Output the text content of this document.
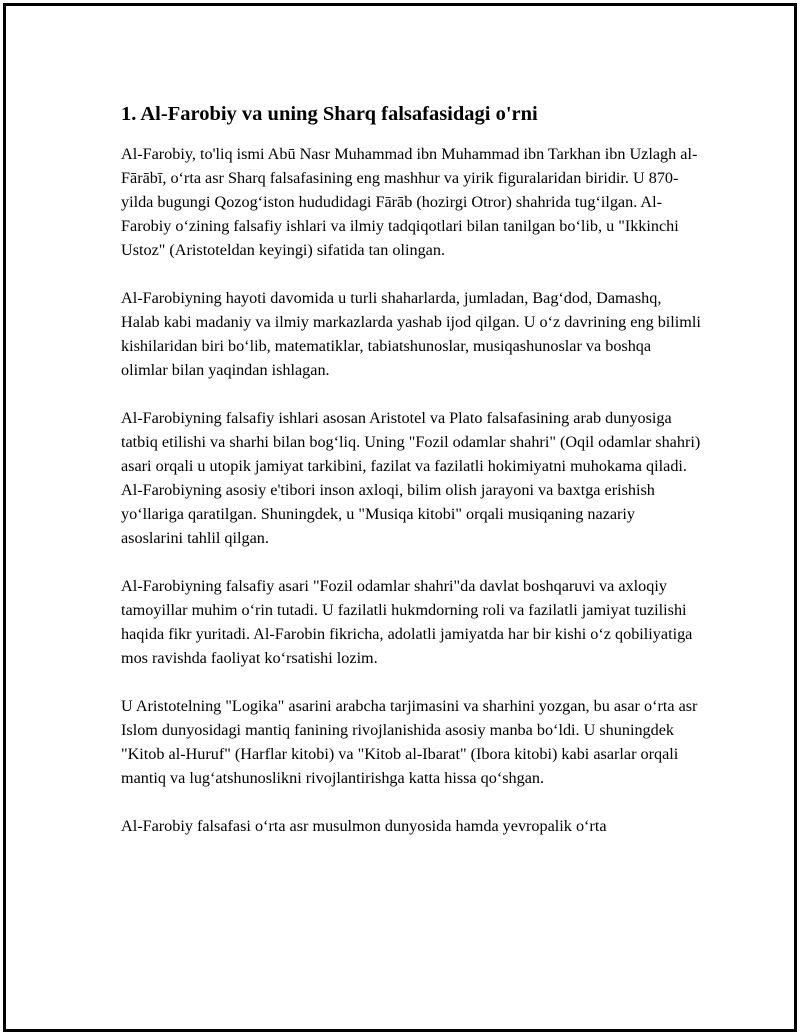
1. Al-Farobiy va uning Sharq falsafasidagi o'rni

Al-Farobiy, to'liq ismi Abū Nasr Muhammad ibn Muhammad ibn Tarkhan ibn Uzlagh al-Fārābī, o‘rta asr Sharq falsafasining eng mashhur va yirik figuralaridan biridir. U 870-yilda bugungi Qozog‘iston hududidagi Fārāb (hozirgi Otror) shahrida tug‘ilgan. Al-Farobiy o‘zining falsafiy ishlari va ilmiy tadqiqotlari bilan tanilgan bo‘lib, u "Ikkinchi Ustoz" (Aristoteldan keyingi) sifatida tan olingan.

Al-Farobiyning hayoti davomida u turli shaharlarda, jumladan, Bag‘dod, Damashq, Halab kabi madaniy va ilmiy markazlarda yashab ijod qilgan. U o‘z davrining eng bilimli kishilaridan biri bo‘lib, matematiklar, tabiatshunoslar, musiqashunoslar va boshqa olimlar bilan yaqindan ishlagan.

Al-Farobiyning falsafiy ishlari asosan Aristotel va Plato falsafasining arab dunyosiga tatbiq etilishi va sharhi bilan bog‘liq. Uning "Fozil odamlar shahri" (Oqil odamlar shahri) asari orqali u utopik jamiyat tarkibini, fazilat va fazilatli hokimiyatni muhokama qiladi. Al-Farobiyning asosiy e'tibori inson axloqi, bilim olish jarayoni va baxtga erishish yo‘llariga qaratilgan. Shuningdek, u "Musiqa kitobi" orqali musiqaning nazariy asoslarini tahlil qilgan.

Al-Farobiyning falsafiy asari "Fozil odamlar shahri"da davlat boshqaruvi va axloqiy tamoyillar muhim o‘rin tutadi. U fazilatli hukmdorning roli va fazilatli jamiyat tuzilishi haqida fikr yuritadi. Al-Farobin fikricha, adolatli jamiyatda har bir kishi o‘z qobiliyatiga mos ravishda faoliyat ko‘rsatishi lozim.

U Aristotelning "Logika" asarini arabcha tarjimasini va sharhini yozgan, bu asar o‘rta asr Islom dunyosidagi mantiq fanining rivojlanishida asosiy manba bo‘ldi. U shuningdek "Kitob al-Huruf" (Harflar kitobi) va "Kitob al-Ibarat" (Ibora kitobi) kabi asarlar orqali mantiq va lug‘atshunoslikni rivojlantirishga katta hissa qo‘shgan.

Al-Farobiy falsafasi o‘rta asr musulmon dunyosida hamda yevropalik o‘rta
